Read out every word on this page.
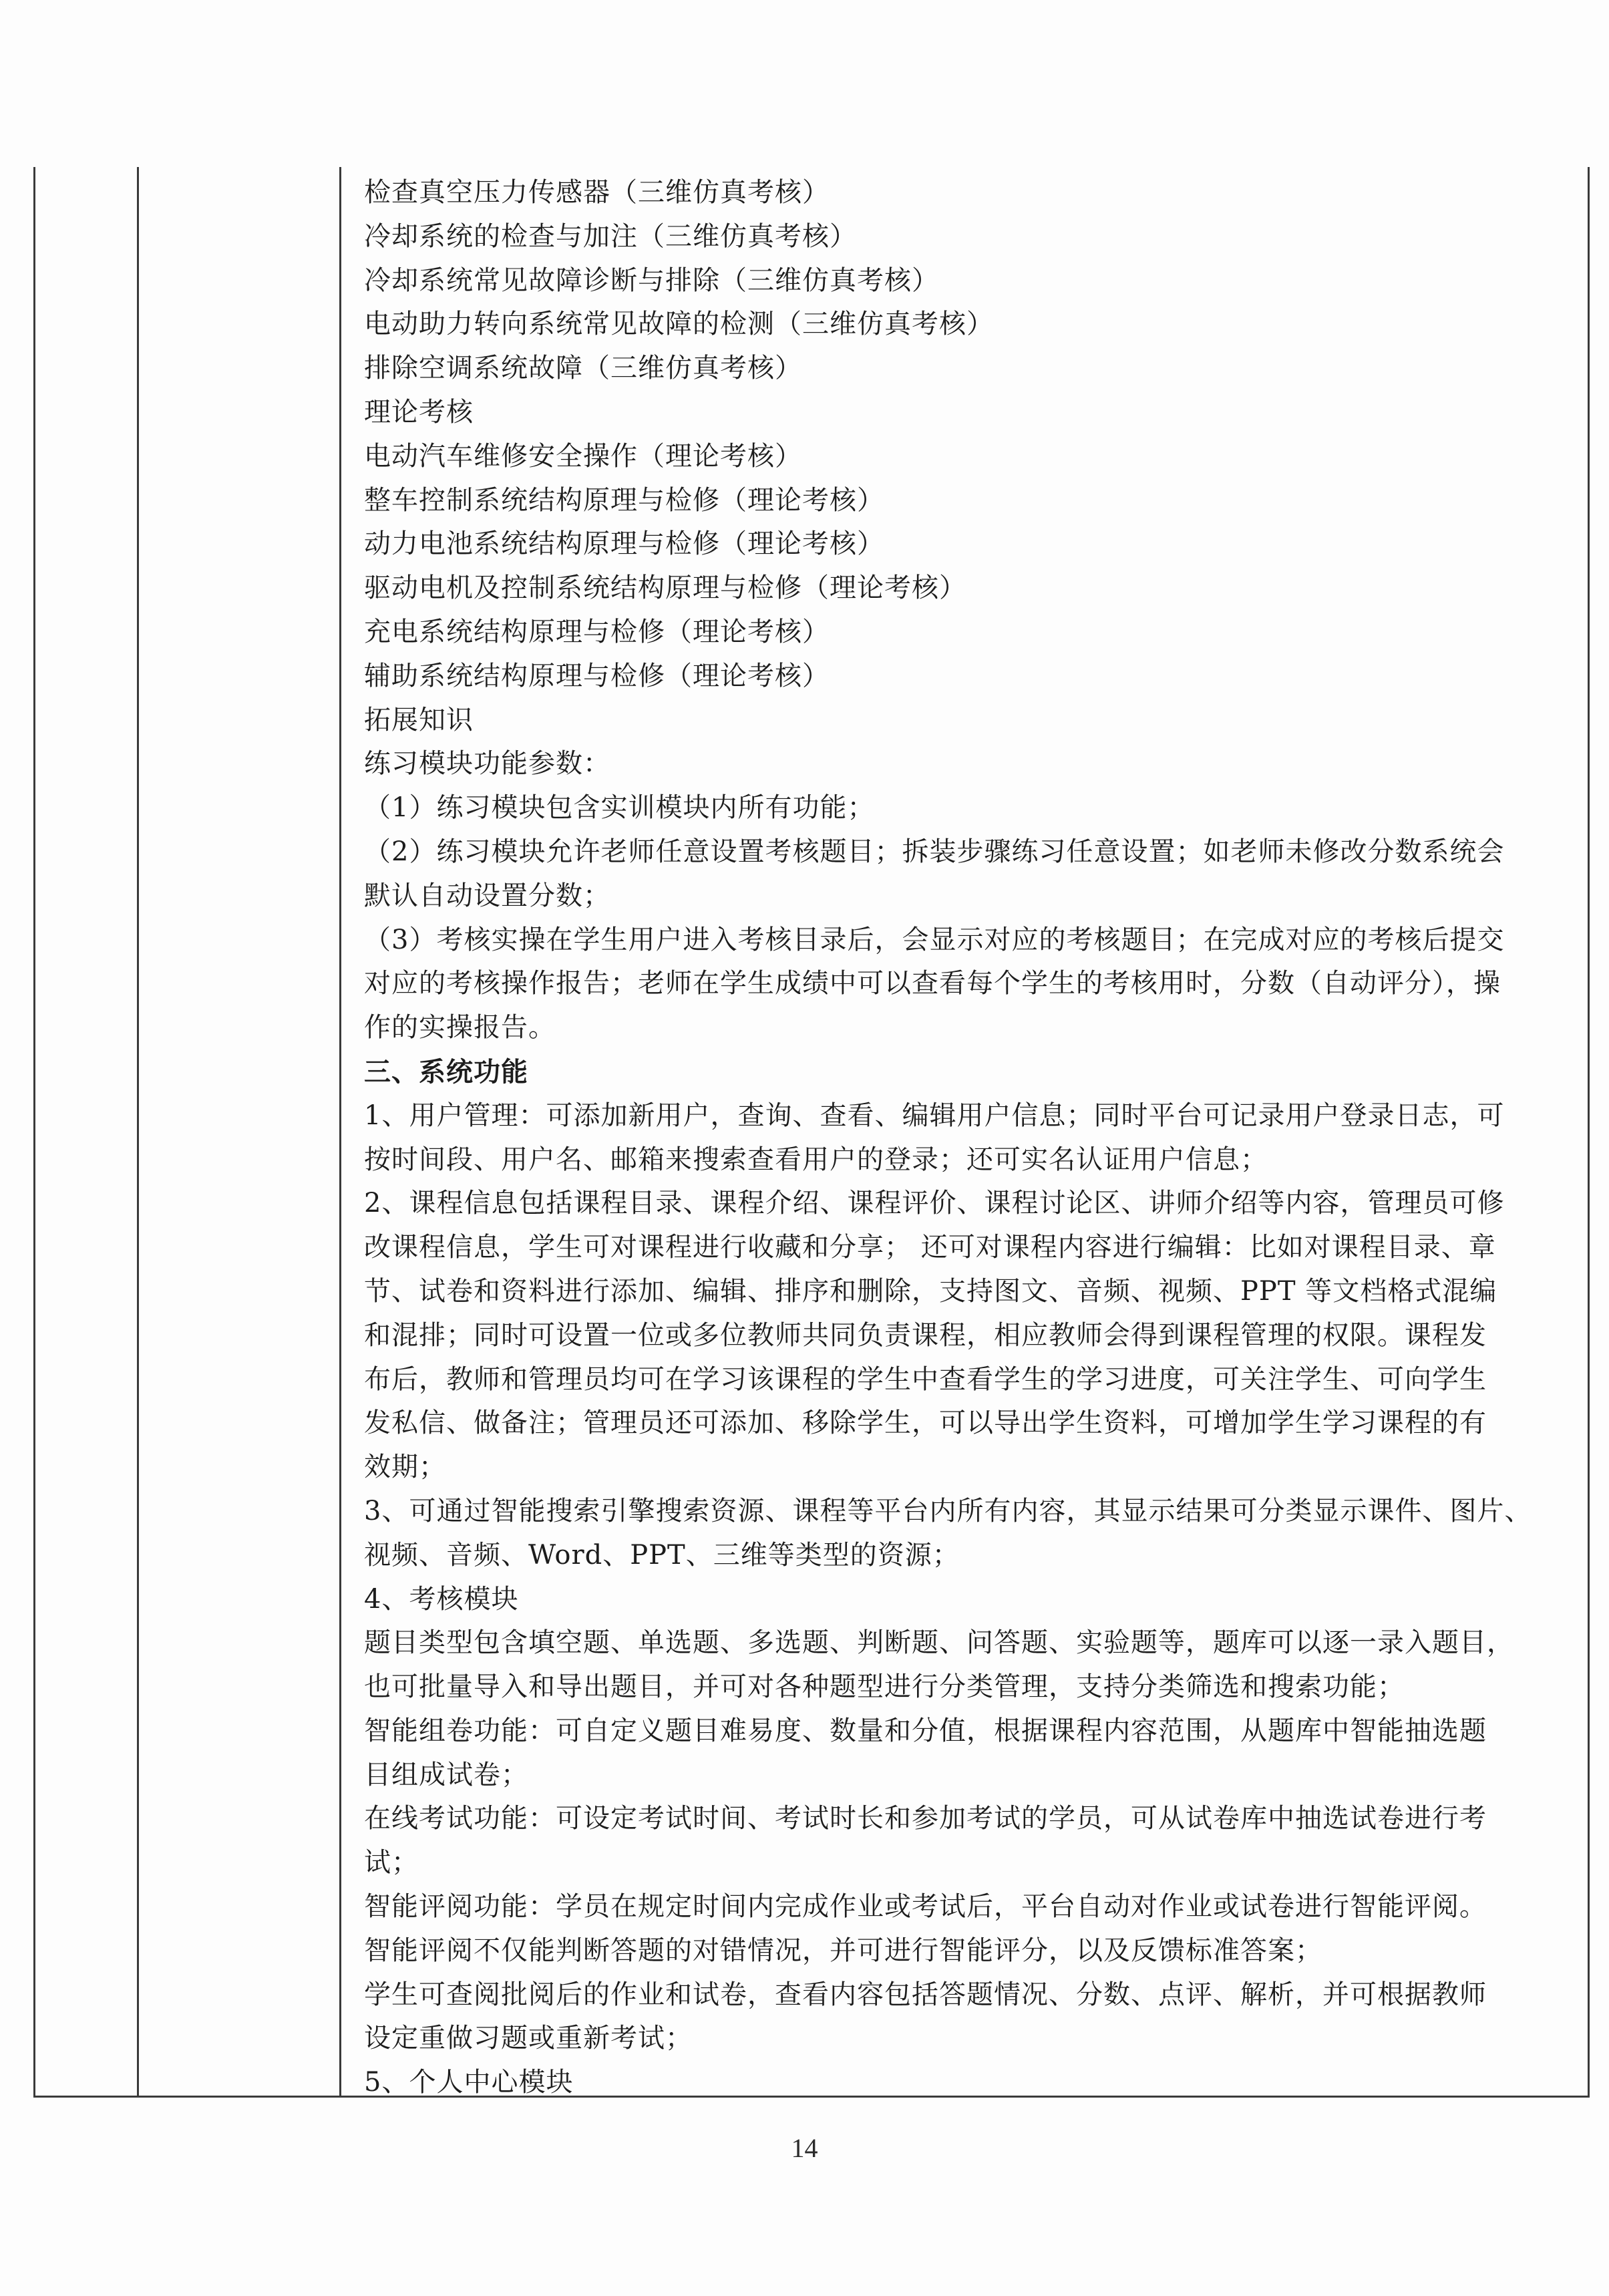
检查真空压力传感器（三维仿真考核）
冷却系统的检查与加注（三维仿真考核）
冷却系统常见故障诊断与排除（三维仿真考核）
电动助力转向系统常见故障的检测（三维仿真考核）
排除空调系统故障（三维仿真考核）
理论考核
电动汽车维修安全操作（理论考核）
整车控制系统结构原理与检修（理论考核）
动力电池系统结构原理与检修（理论考核）
驱动电机及控制系统结构原理与检修（理论考核）
充电系统结构原理与检修（理论考核）
辅助系统结构原理与检修（理论考核）
拓展知识
练习模块功能参数：
（1）练习模块包含实训模块内所有功能；
（2）练习模块允许老师任意设置考核题目；拆装步骤练习任意设置；如老师未修改分数系统会
默认自动设置分数；
（3）考核实操在学生用户进入考核目录后，会显示对应的考核题目；在完成对应的考核后提交
对应的考核操作报告；老师在学生成绩中可以查看每个学生的考核用时，分数（自动评分），操
作的实操报告。
三、系统功能
1、用户管理：可添加新用户，查询、查看、编辑用户信息；同时平台可记录用户登录日志，可
按时间段、用户名、邮箱来搜索查看用户的登录；还可实名认证用户信息；
2、课程信息包括课程目录、课程介绍、课程评价、课程讨论区、讲师介绍等内容，管理员可修
改课程信息，学生可对课程进行收藏和分享； 还可对课程内容进行编辑：比如对课程目录、章
节、试卷和资料进行添加、编辑、排序和删除，支持图文、音频、视频、PPT 等文档格式混编
和混排；同时可设置一位或多位教师共同负责课程，相应教师会得到课程管理的权限。课程发
布后，教师和管理员均可在学习该课程的学生中查看学生的学习进度，可关注学生、可向学生
发私信、做备注；管理员还可添加、移除学生，可以导出学生资料，可增加学生学习课程的有
效期；
3、可通过智能搜索引擎搜索资源、课程等平台内所有内容，其显示结果可分类显示课件、图片、
视频、音频、Word、PPT、三维等类型的资源；
4、考核模块
题目类型包含填空题、单选题、多选题、判断题、问答题、实验题等，题库可以逐一录入题目，
也可批量导入和导出题目，并可对各种题型进行分类管理，支持分类筛选和搜索功能；
智能组卷功能：可自定义题目难易度、数量和分值，根据课程内容范围，从题库中智能抽选题
目组成试卷；
在线考试功能：可设定考试时间、考试时长和参加考试的学员，可从试卷库中抽选试卷进行考
试；
智能评阅功能：学员在规定时间内完成作业或考试后，平台自动对作业或试卷进行智能评阅。
智能评阅不仅能判断答题的对错情况，并可进行智能评分，以及反馈标准答案；
学生可查阅批阅后的作业和试卷，查看内容包括答题情况、分数、点评、解析，并可根据教师
设定重做习题或重新考试；
5、个人中心模块
14
